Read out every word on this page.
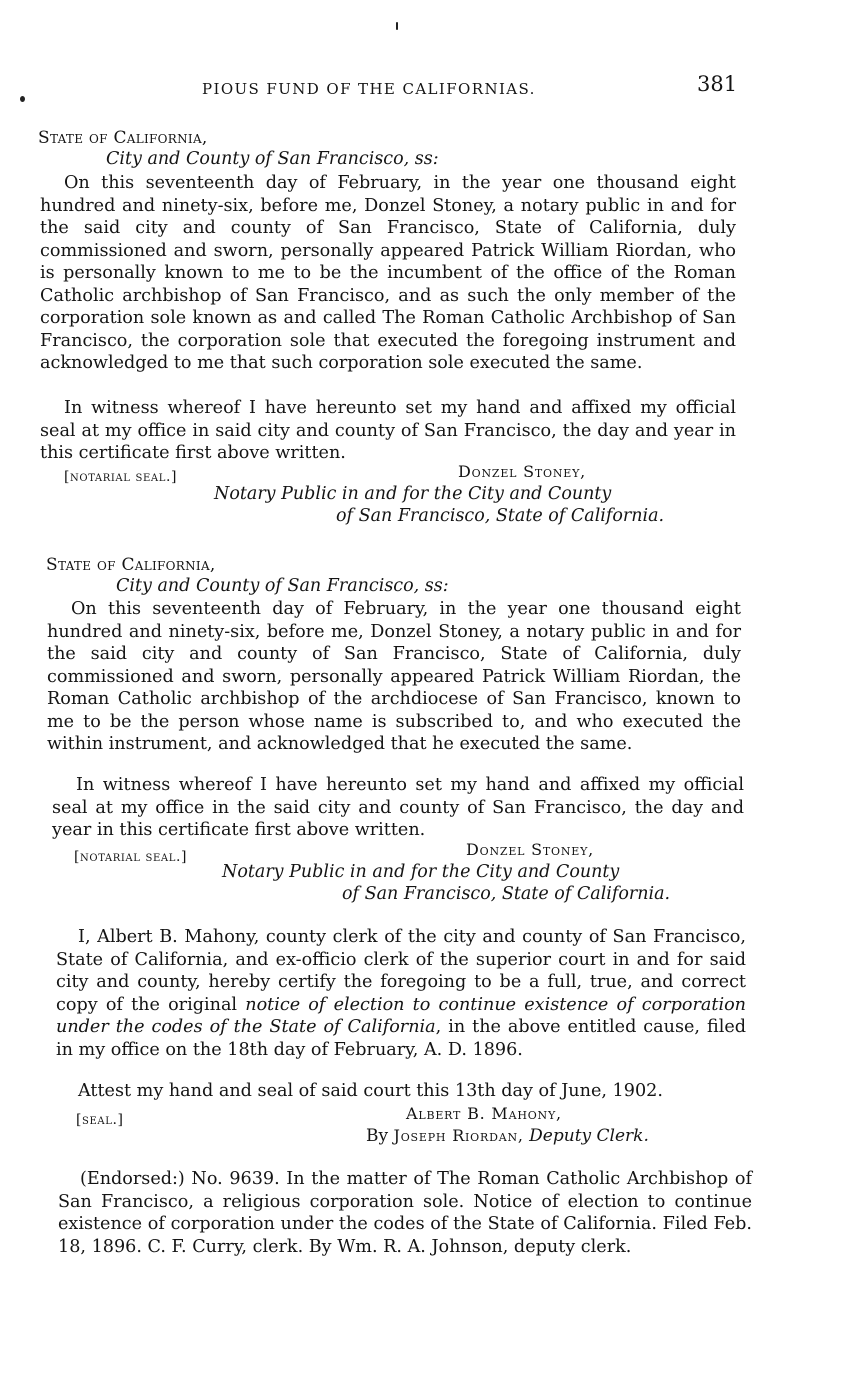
PIOUS FUND OF THE CALIFORNIAS.	381
State of California,
City and County of San Francisco, ss:

On this seventeenth day of February, in the year one thousand eight hundred and ninety-six, before me, Donzel Stoney, a notary public in and for the said city and county of San Francisco, State of California, duly commissioned and sworn, personally appeared Patrick William Riordan, who is personally known to me to be the incumbent of the office of the Roman Catholic archbishop of San Francisco, and as such the only member of the corporation sole known as and called The Roman Catholic Archbishop of San Francisco, the corporation sole that executed the foregoing instrument and acknowledged to me that such corporation sole executed the same.

In witness whereof I have hereunto set my hand and affixed my official seal at my office in said city and county of San Francisco, the day and year in this certificate first above written.

[notarial seal.]	Donzel Stoney,
Notary Public in and for the City and County
of San Francisco, State of California.
State of California,
City and County of San Francisco, ss:

On this seventeenth day of February, in the year one thousand eight hundred and ninety-six, before me, Donzel Stoney, a notary public in and for the said city and county of San Francisco, State of California, duly commissioned and sworn, personally appeared Patrick William Riordan, the Roman Catholic archbishop of the archdiocese of San Francisco, known to me to be the person whose name is subscribed to, and who executed the within instrument, and acknowledged that he executed the same.

In witness whereof I have hereunto set my hand and affixed my official seal at my office in the said city and county of San Francisco, the day and year in this certificate first above written.

[notarial seal.]	Donzel Stoney,
Notary Public in and for the City and County
of San Francisco, State of California.

I, Albert B. Mahony, county clerk of the city and county of San Francisco, State of California, and ex-officio clerk of the superior court in and for said city and county, hereby certify the foregoing to be a full, true, and correct copy of the original notice of election to continue existence of corporation under the codes of the State of California, in the above entitled cause, filed in my office on the 18th day of February, A. D. 1896.

Attest my hand and seal of said court this 13th day of June, 1902.

[seal.]	Albert B. Mahony,
By Joseph Riordan, Deputy Clerk.

(Endorsed:) No. 9639. In the matter of The Roman Catholic Archbishop of San Francisco, a religious corporation sole. Notice of election to continue existence of corporation under the codes of the State of California. Filed Feb. 18, 1896. C. F. Curry, clerk. By Wm. R. A. Johnson, deputy clerk.
